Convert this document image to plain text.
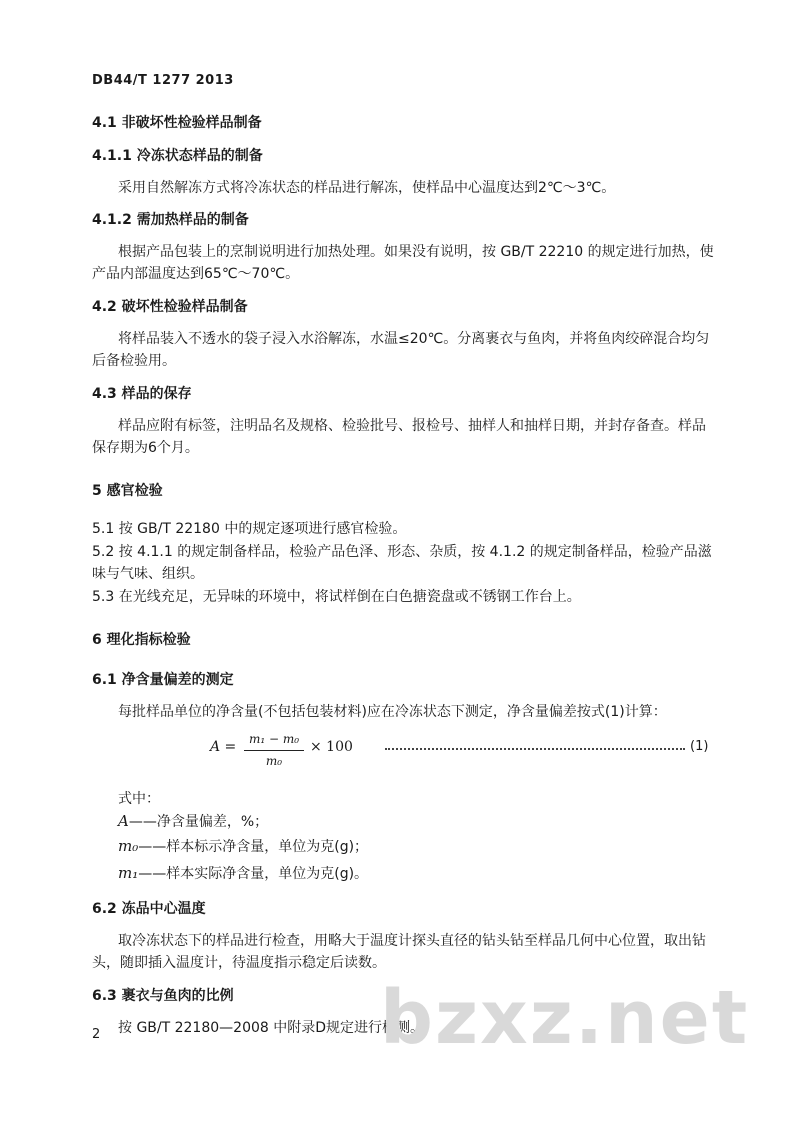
DB44/T 1277 2013
4.1 非破坏性检验样品制备
4.1.1 冷冻状态样品的制备
采用自然解冻方式将冷冻状态的样品进行解冻，使样品中心温度达到2℃～3℃。
4.1.2 需加热样品的制备
根据产品包装上的烹制说明进行加热处理。如果没有说明，按 GB/T 22210 的规定进行加热，使
产品内部温度达到65℃～70℃。
4.2 破坏性检验样品制备
将样品装入不透水的袋子浸入水浴解冻，水温≤20℃。分离裹衣与鱼肉，并将鱼肉绞碎混合均匀
后备检验用。
4.3 样品的保存
样品应附有标签，注明品名及规格、检验批号、报检号、抽样人和抽样日期，并封存备查。样品
保存期为6个月。
5 感官检验
5.1 按 GB/T 22180 中的规定逐项进行感官检验。
5.2 按 4.1.1 的规定制备样品，检验产品色泽、形态、杂质，按 4.1.2 的规定制备样品，检验产品滋
味与气味、组织。
5.3 在光线充足，无异味的环境中，将试样倒在白色搪瓷盘或不锈钢工作台上。
6 理化指标检验
6.1 净含量偏差的测定
每批样品单位的净含量(不包括包装材料)应在冷冻状态下测定，净含量偏差按式(1)计算：
A =	m₁ − m₀
m₀
× 100	(1)
式中：
A——净含量偏差，%；
m₀——样本标示净含量，单位为克(g)；
m₁——样本实际净含量，单位为克(g)。
6.2 冻品中心温度
取冷冻状态下的样品进行检查，用略大于温度计探头直径的钻头钻至样品几何中心位置，取出钻
头，随即插入温度计，待温度指示稳定后读数。
6.3 裹衣与鱼肉的比例
按 GB/T 22180—2008 中附录D规定进行检测。
bzxz.net
2
